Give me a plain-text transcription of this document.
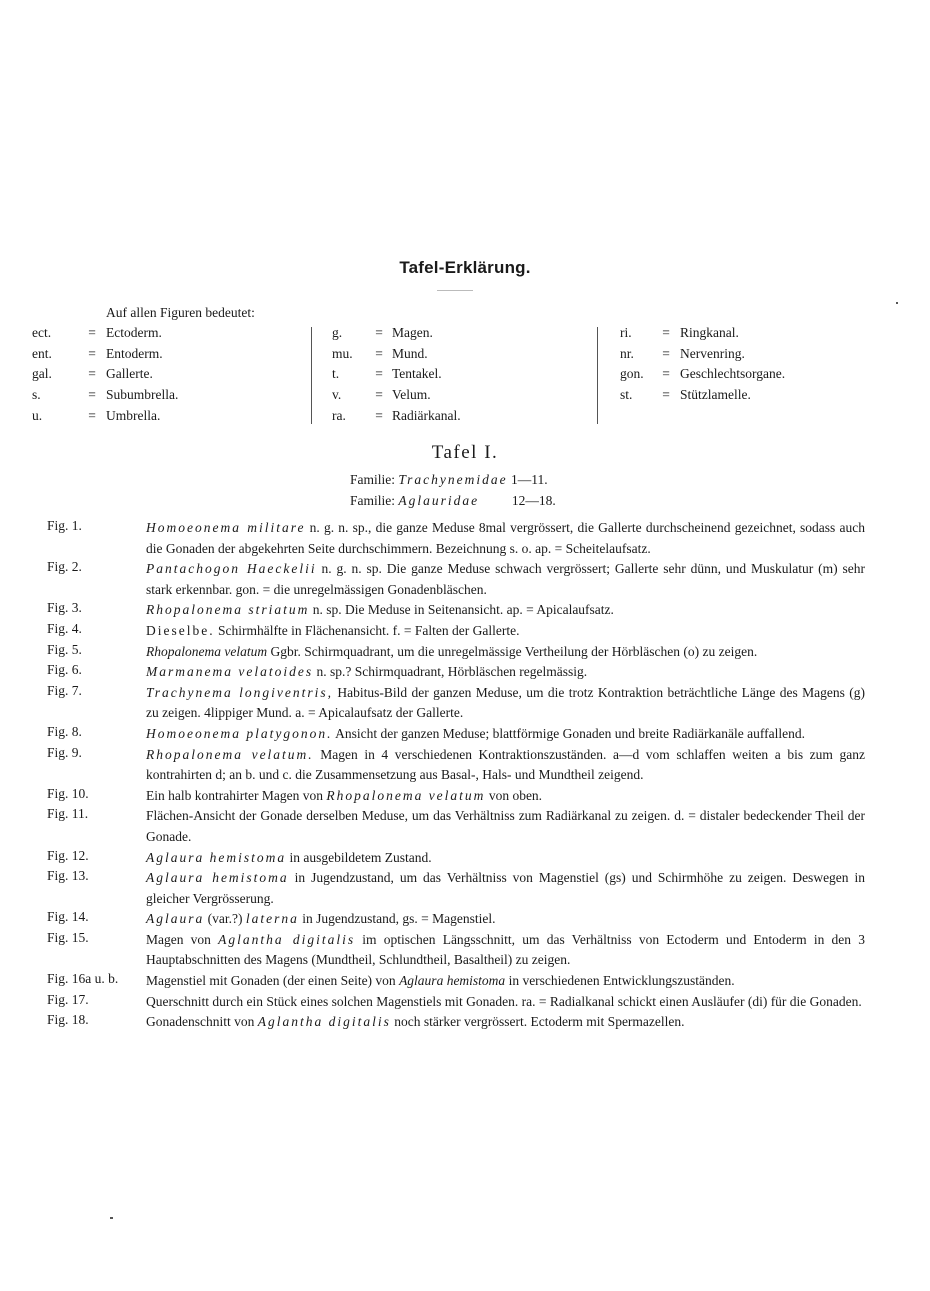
Tafel-Erklärung.
Auf allen Figuren bedeutet:
ect.	= Ectoderm.
ent.	= Entoderm.
gal.	= Gallerte.
s.	= Subumbrella.
u.	= Umbrella.
g. = Magen.
mu. = Mund.
t.	= Tentakel.
v.	= Velum.
ra. = Radiärkanal.
ri. = Ringkanal.
nr. = Nervenring.
gon. = Geschlechtsorgane.
st. = Stützlamelle.
Tafel I.
Familie: Trachynemidae 1—11.
Familie: Aglauridae 12—18.
Fig. 1.	Homoeonema militare n. g. n. sp., die ganze Meduse 8mal vergrössert, die Gallerte durchscheinend gezeichnet, sodass auch die Gonaden der abgekehrten Seite durchschimmern. Bezeichnung s. o. ap. = Scheitelaufsatz.
Fig. 2.	Pantachogon Haeckelii n. g. n. sp. Die ganze Meduse schwach vergrössert; Gallerte sehr dünn, und Muskulatur (m) sehr stark erkennbar. gon. = die unregelmässigen Gonadenbläschen.
Fig. 3.	Rhopalonema striatum n. sp. Die Meduse in Seitenansicht. ap. = Apicalaufsatz.
Fig. 4.	Dieselbe. Schirmhälfte in Flächenansicht. f. = Falten der Gallerte.
Fig. 5.	Rhopalonema velatum Ggbr. Schirmquadrant, um die unregelmässige Vertheilung der Hörbläschen (o) zu zeigen.
Fig. 6.	Marmanema velatoides n. sp.? Schirmquadrant, Hörbläschen regelmässig.
Fig. 7.	Trachynema longiventris, Habitus-Bild der ganzen Meduse, um die trotz Kontraktion beträchtliche Länge des Magens (g) zu zeigen. 4lippiger Mund. a. = Apicalaufsatz der Gallerte.
Fig. 8.	Homoeonema platygonon. Ansicht der ganzen Meduse; blattförmige Gonaden und breite Radiärkanäle auffallend.
Fig. 9.	Rhopalonema velatum. Magen in 4 verschiedenen Kontraktionszuständen. a—d vom schlaffen weiten a bis zum ganz kontrahirten d; an b. und c. die Zusammensetzung aus Basal-, Hals- und Mundtheil zeigend.
Fig. 10.	Ein halb kontrahirter Magen von Rhopalonema velatum von oben.
Fig. 11.	Flächen-Ansicht der Gonade derselben Meduse, um das Verhältniss zum Radiärkanal zu zeigen. d. = distaler bedeckender Theil der Gonade.
Fig. 12.	Aglaura hemistoma in ausgebildetem Zustand.
Fig. 13.	Aglaura hemistoma in Jugendzustand, um das Verhältniss von Magenstiel (gs) und Schirmhöhe zu zeigen. Deswegen in gleicher Vergrösserung.
Fig. 14.	Aglaura (var.?) laterna in Jugendzustand, gs. = Magenstiel.
Fig. 15.	Magen von Aglantha digitalis im optischen Längsschnitt, um das Verhältniss von Ectoderm und Entoderm in den 3 Hauptabschnitten des Magens (Mundtheil, Schlundtheil, Basaltheil) zu zeigen.
Fig. 16a u. b. Magenstiel mit Gonaden (der einen Seite) von Aglaura hemistoma in verschiedenen Entwicklungszuständen.
Fig. 17.	Querschnitt durch ein Stück eines solchen Magenstiels mit Gonaden. ra. = Radialkanal schickt einen Ausläufer (di) für die Gonaden.
Fig. 18.	Gonadenschnitt von Aglantha digitalis noch stärker vergrössert. Ectoderm mit Spermazellen.
